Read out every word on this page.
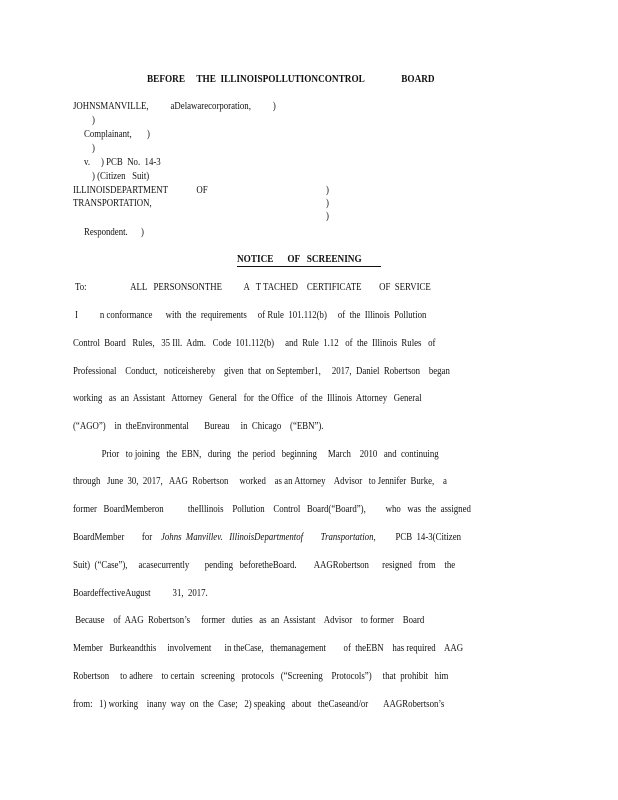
BEFORE     THE  ILLINOISPOLLUTIONCONTROL                BOARD
JOHNSMANVILLE,          aDelawarecorporation,          )
)
Complainant,       )
)
v.     ) PCB  No.  14-3
) (Citizen   Suit)
ILLINOISDEPARTMENT             OF	)
TRANSPORTATION,	)
)
Respondent.      )
NOTICE      OF   SCREENING
To:                    ALL   PERSONSONTHE          A   T TACHED    CERTIFICATE        OF  SERVICE
I          n conformance      with  the  requirements     of Rule  101.112(b)     of  the  Illinois  Pollution
Control  Board   Rules,   35 Ill.  Adm.   Code  101.112(b)     and  Rule  1.12   of  the  Illinois  Rules   of
Professional    Conduct,   noticeishereby    given  that  on September1,     2017,  Daniel  Robertson    began
working   as  an  Assistant   Attorney   General   for  the Office   of  the  Illinois  Attorney   General
(“AGO”)    in  theEnvironmental       Bureau     in  Chicago    (“EBN”).
Prior   to joining   the  EBN,   during   the  period   beginning     March    2010   and  continuing
through   June  30,  2017,   AAG  Robertson     worked    as an Attorney    Advisor   to Jennifer  Burke,    a
former   BoardMemberon           theIllinois    Pollution    Control   Board(“Board”),         who   was  the  assigned
BoardMember        for    Johns  Manvillev.   IllinoisDepartmentof        Transportation,         PCB  14-3(Citizen
Suit)  (“Case”),     acasecurrently       pending   beforetheBoard.        AAGRobertson      resigned   from    the
BoardeffectiveAugust          31,  2017.
Because    of  AAG  Robertson’s     former   duties   as  an  Assistant    Advisor    to former    Board
Member   Burkeandthis     involvement      in theCase,   themanagement        of  theEBN    has required    AAG
Robertson     to adhere    to certain   screening   protocols   (“Screening    Protocols”)     that  prohibit   him
from:   1) working    inany  way  on  the  Case;   2) speaking   about   theCaseand/or       AAGRobertson’s
